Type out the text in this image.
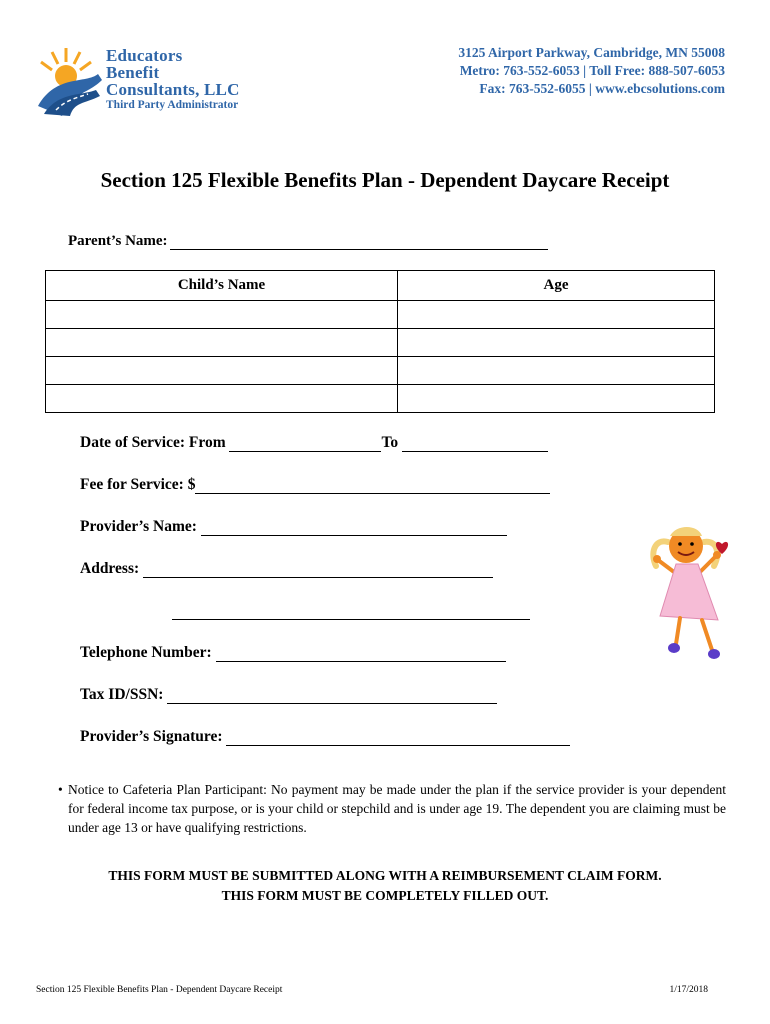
Educators
Benefit
Consultants, LLC
Third Party Administrator
3125 Airport Parkway, Cambridge, MN 55008
Metro: 763-552-6053 | Toll Free: 888-507-6053
Fax: 763-552-6055 | www.ebcsolutions.com
Section 125 Flexible Benefits Plan - Dependent Daycare Receipt
Parent’s Name:
Child’s Name	Age

Date of Service: From	To
Fee for Service: $
Provider’s Name:
Address:
Telephone Number:
Tax ID/SSN:
Provider’s Signature:
• Notice to Cafeteria Plan Participant: No payment may be made under the plan if the service provider is your dependent for federal income tax purpose, or is your child or stepchild and is under age 19. The dependent you are claiming must be under age 13 or have qualifying restrictions.
THIS FORM MUST BE SUBMITTED ALONG WITH A REIMBURSEMENT CLAIM FORM.
THIS FORM MUST BE COMPLETELY FILLED OUT.
Section 125 Flexible Benefits Plan - Dependent Daycare Receipt	1/17/2018
